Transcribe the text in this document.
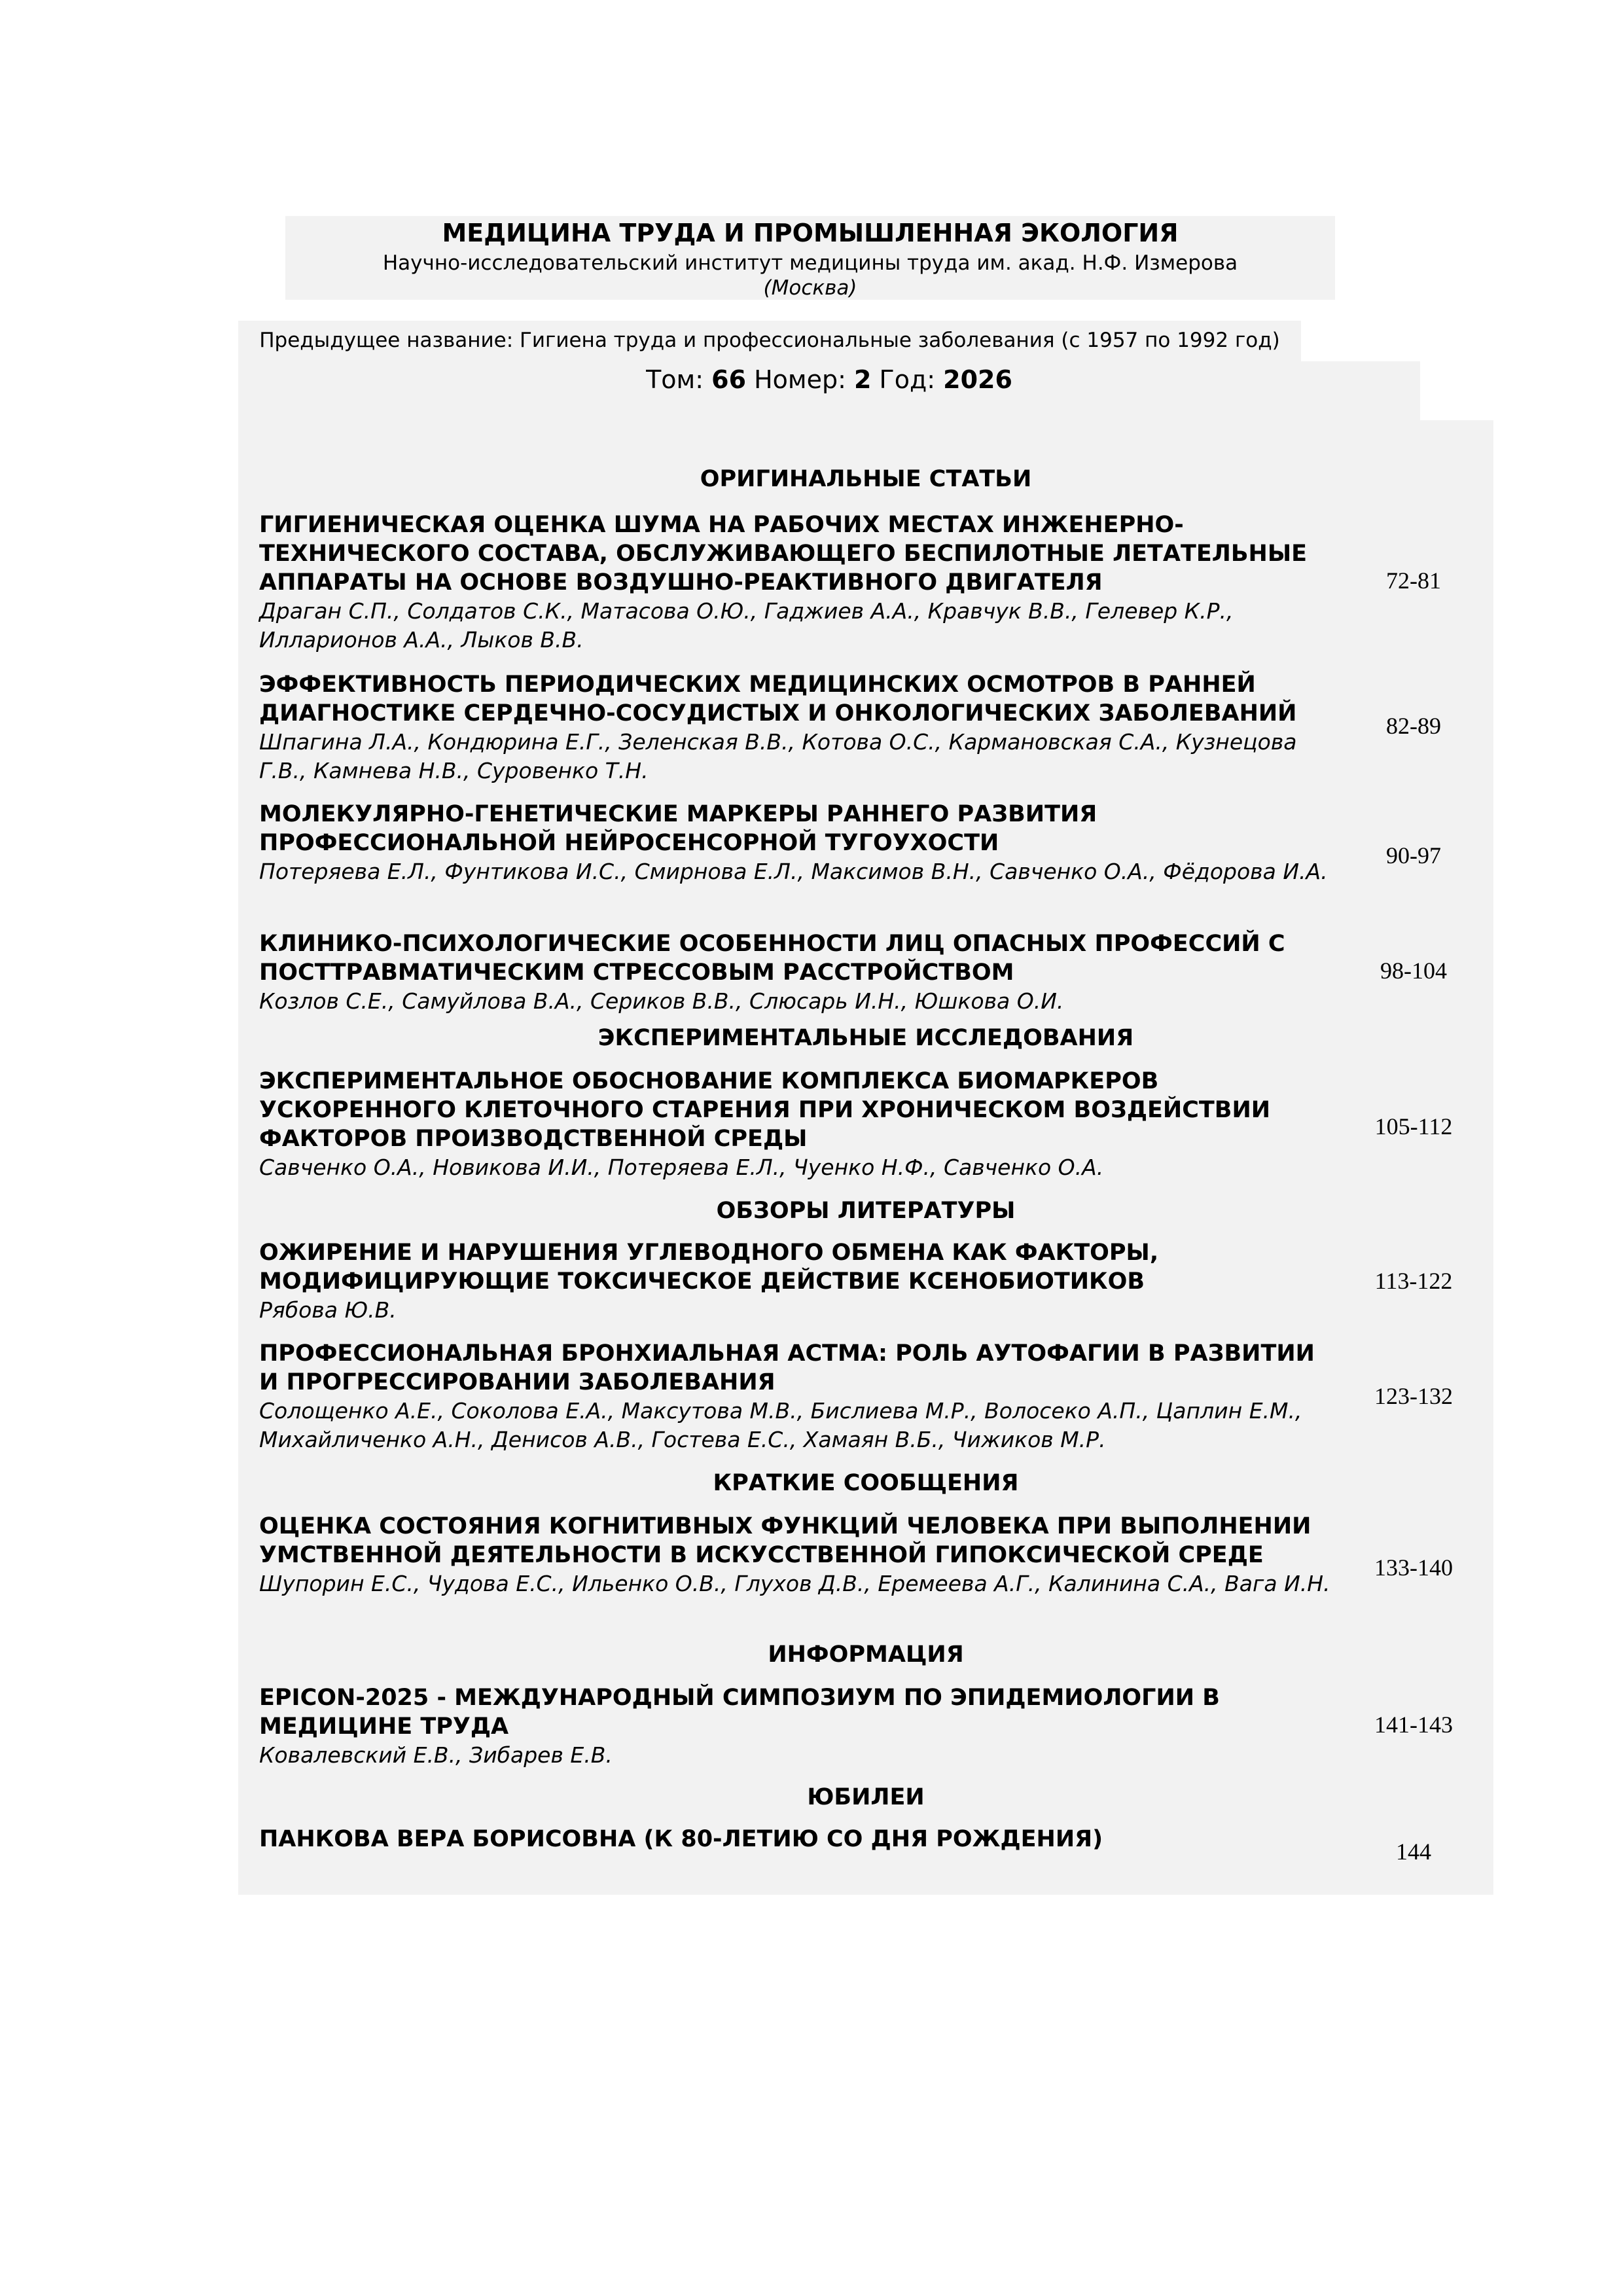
МЕДИЦИНА ТРУДА И ПРОМЫШЛЕННАЯ ЭКОЛОГИЯ
Научно-исследовательский институт медицины труда им. акад. Н.Ф. Измерова
(Москва)
Предыдущее название: Гигиена труда и профессиональные заболевания (с 1957 по 1992 год)
Том: 66 Номер: 2 Год: 2026
ОРИГИНАЛЬНЫЕ СТАТЬИ
ГИГИЕНИЧЕСКАЯ ОЦЕНКА ШУМА НА РАБОЧИХ МЕСТАХ ИНЖЕНЕРНО-ТЕХНИЧЕСКОГО СОСТАВА, ОБСЛУЖИВАЮЩЕГО БЕСПИЛОТНЫЕ ЛЕТАТЕЛЬНЫЕ АППАРАТЫ НА ОСНОВЕ ВОЗДУШНО-РЕАКТИВНОГО ДВИГАТЕЛЯ
Драган С.П., Солдатов С.К., Матасова О.Ю., Гаджиев А.А., Кравчук В.В., Гелевер К.Р., Илларионов А.А., Лыков В.В.
72-81
ЭФФЕКТИВНОСТЬ ПЕРИОДИЧЕСКИХ МЕДИЦИНСКИХ ОСМОТРОВ В РАННЕЙ ДИАГНОСТИКЕ СЕРДЕЧНО-СОСУДИСТЫХ И ОНКОЛОГИЧЕСКИХ ЗАБОЛЕВАНИЙ
Шпагина Л.А., Кондюрина Е.Г., Зеленская В.В., Котова О.С., Кармановская С.А., Кузнецова Г.В., Камнева Н.В., Суровенко Т.Н.
82-89
МОЛЕКУЛЯРНО-ГЕНЕТИЧЕСКИЕ МАРКЕРЫ РАННЕГО РАЗВИТИЯ ПРОФЕССИОНАЛЬНОЙ НЕЙРОСЕНСОРНОЙ ТУГОУХОСТИ
Потеряева Е.Л., Фунтикова И.С., Смирнова Е.Л., Максимов В.Н., Савченко О.А., Фёдорова И.А.
90-97
КЛИНИКО-ПСИХОЛОГИЧЕСКИЕ ОСОБЕННОСТИ ЛИЦ ОПАСНЫХ ПРОФЕССИЙ С ПОСТТРАВМАТИЧЕСКИМ СТРЕССОВЫМ РАССТРОЙСТВОМ
Козлов С.Е., Самуйлова В.А., Сериков В.В., Слюсарь И.Н., Юшкова О.И.
98-104
ЭКСПЕРИМЕНТАЛЬНЫЕ ИССЛЕДОВАНИЯ
ЭКСПЕРИМЕНТАЛЬНОЕ ОБОСНОВАНИЕ КОМПЛЕКСА БИОМАРКЕРОВ УСКОРЕННОГО КЛЕТОЧНОГО СТАРЕНИЯ ПРИ ХРОНИЧЕСКОМ ВОЗДЕЙСТВИИ ФАКТОРОВ ПРОИЗВОДСТВЕННОЙ СРЕДЫ
Савченко О.А., Новикова И.И., Потеряева Е.Л., Чуенко Н.Ф., Савченко О.А.
105-112
ОБЗОРЫ ЛИТЕРАТУРЫ
ОЖИРЕНИЕ И НАРУШЕНИЯ УГЛЕВОДНОГО ОБМЕНА КАК ФАКТОРЫ, МОДИФИЦИРУЮЩИЕ ТОКСИЧЕСКОЕ ДЕЙСТВИЕ КСЕНОБИОТИКОВ
Рябова Ю.В.
113-122
ПРОФЕССИОНАЛЬНАЯ БРОНХИАЛЬНАЯ АСТМА: РОЛЬ АУТОФАГИИ В РАЗВИТИИ И ПРОГРЕССИРОВАНИИ ЗАБОЛЕВАНИЯ
Солощенко А.Е., Соколова Е.А., Максутова М.В., Бислиева М.Р., Волосеко А.П., Цаплин Е.М., Михайличенко А.Н., Денисов А.В., Гостева Е.С., Хамаян В.Б., Чижиков М.Р.
123-132
КРАТКИЕ СООБЩЕНИЯ
ОЦЕНКА СОСТОЯНИЯ КОГНИТИВНЫХ ФУНКЦИЙ ЧЕЛОВЕКА ПРИ ВЫПОЛНЕНИИ УМСТВЕННОЙ ДЕЯТЕЛЬНОСТИ В ИСКУССТВЕННОЙ ГИПОКСИЧЕСКОЙ СРЕДЕ
Шупорин Е.С., Чудова Е.С., Ильенко О.В., Глухов Д.В., Еремеева А.Г., Калинина С.А., Вага И.Н.
133-140
ИНФОРМАЦИЯ
EPICON-2025 - МЕЖДУНАРОДНЫЙ СИМПОЗИУМ ПО ЭПИДЕМИОЛОГИИ В МЕДИЦИНЕ ТРУДА
Ковалевский Е.В., Зибарев Е.В.
141-143
ЮБИЛЕИ
ПАНКОВА ВЕРА БОРИСОВНА (К 80-ЛЕТИЮ СО ДНЯ РОЖДЕНИЯ)	144
